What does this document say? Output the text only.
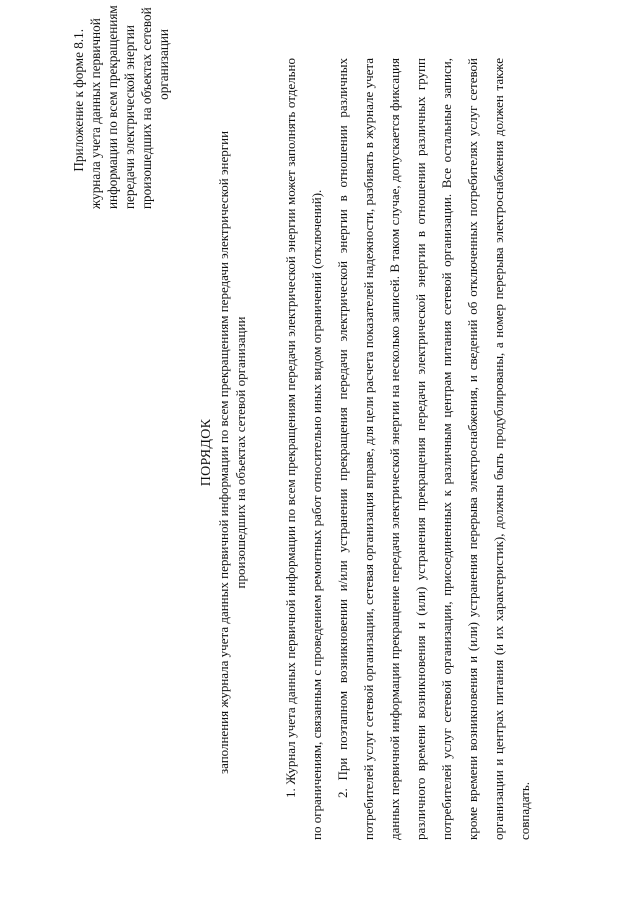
Приложение к форме 8.1. журнала учета данных первичной информации по всем прекращениям передачи электрической энергии произошедших на объектах сетевой организации
ПОРЯДОК заполнения журнала учета данных первичной информации по всем прекращениям передачи электрической энергии произошедших на объектах сетевой организации	1. Журнал учета данных первичной информации по всем прекращениям передачи электрической энергии может заполнять отдельно по ограничениям, связанным с проведением ремонтных работ относительно иных видом ограничений (отключений). 2. При поэтапном возникновении и/или устранении прекращения передачи электрической энергии в отношении различных потребителей услуг сетевой организации, сетевая организация вправе, для цели расчета показателей надежности, разбивать в журнале учета данных первичной информации прекращение передачи электрической энергии на несколько записей. В таком случае, допускается фиксация различного времени возникновения и (или) устранения прекращения передачи электрической энергии в отношении различных групп потребителей услуг сетевой организации, присоединенных к различным центрам питания сетевой организации. Все остальные записи, кроме времени возникновения и (или) устранения перерыва электроснабжения, и сведений об отключенных потребителях услуг сетевой организации и центрах питания (и их характеристик), должны быть продублированы, а номер перерыва электроснабжения должен также совпадать.
